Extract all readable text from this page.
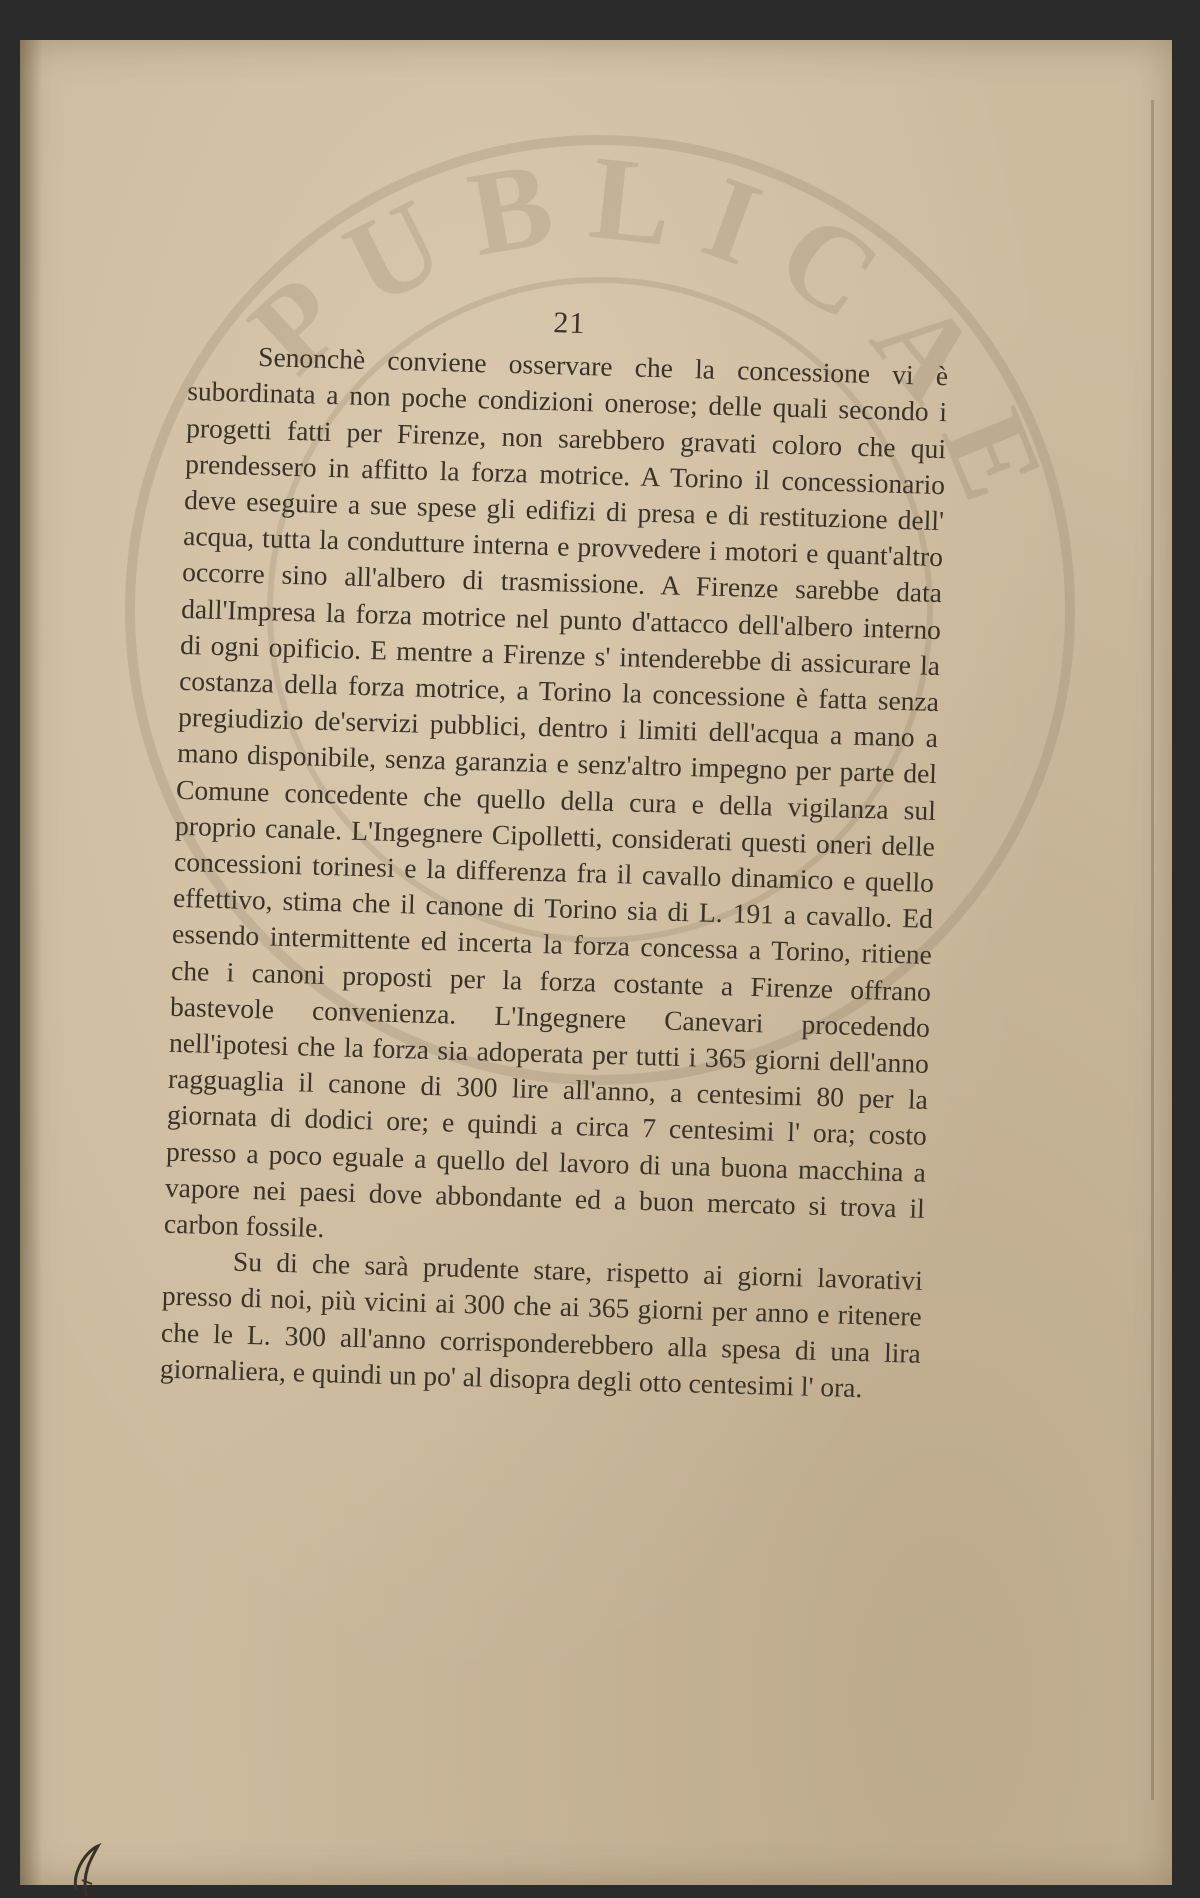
PUBLICAE

21

Senonchè conviene osservare che la concessione vi è subordinata a non poche condizioni onerose; delle quali secondo i progetti fatti per Firenze, non sarebbero gravati coloro che qui prendessero in affitto la forza motrice. A Torino il concessionario deve eseguire a sue spese gli edifizi di presa e di restituzione dell' acqua, tutta la condutture interna e provvedere i motori e quant'altro occorre sino all'albero di trasmissione. A Firenze sarebbe data dall'Impresa la forza motrice nel punto d'attacco dell'albero interno di ogni opificio. E mentre a Firenze s' intenderebbe di assicurare la costanza della forza motrice, a Torino la concessione è fatta senza pregiudizio de'servizi pubblici, dentro i limiti dell'acqua a mano a mano disponibile, senza garanzia e senz'altro impegno per parte del Comune concedente che quello della cura e della vigilanza sul proprio canale. L'Ingegnere Cipolletti, considerati questi oneri delle concessioni torinesi e la differenza fra il cavallo dinamico e quello effettivo, stima che il canone di Torino sia di L. 191 a cavallo. Ed essendo intermittente ed incerta la forza concessa a Torino, ritiene che i canoni proposti per la forza costante a Firenze offrano bastevole convenienza. L'Ingegnere Canevari procedendo nell'ipotesi che la forza sia adoperata per tutti i 365 giorni dell'anno ragguaglia il canone di 300 lire all'anno, a centesimi 80 per la giornata di dodici ore; e quindi a circa 7 centesimi l' ora; costo presso a poco eguale a quello del lavoro di una buona macchina a vapore nei paesi dove abbondante ed a buon mercato si trova il carbon fossile.

Su di che sarà prudente stare, rispetto ai giorni lavorativi presso di noi, più vicini ai 300 che ai 365 giorni per anno e ritenere che le L. 300 all'anno corrisponderebbero alla spesa di una lira giornaliera, e quindi un po' al disopra degli otto centesimi l' ora.
